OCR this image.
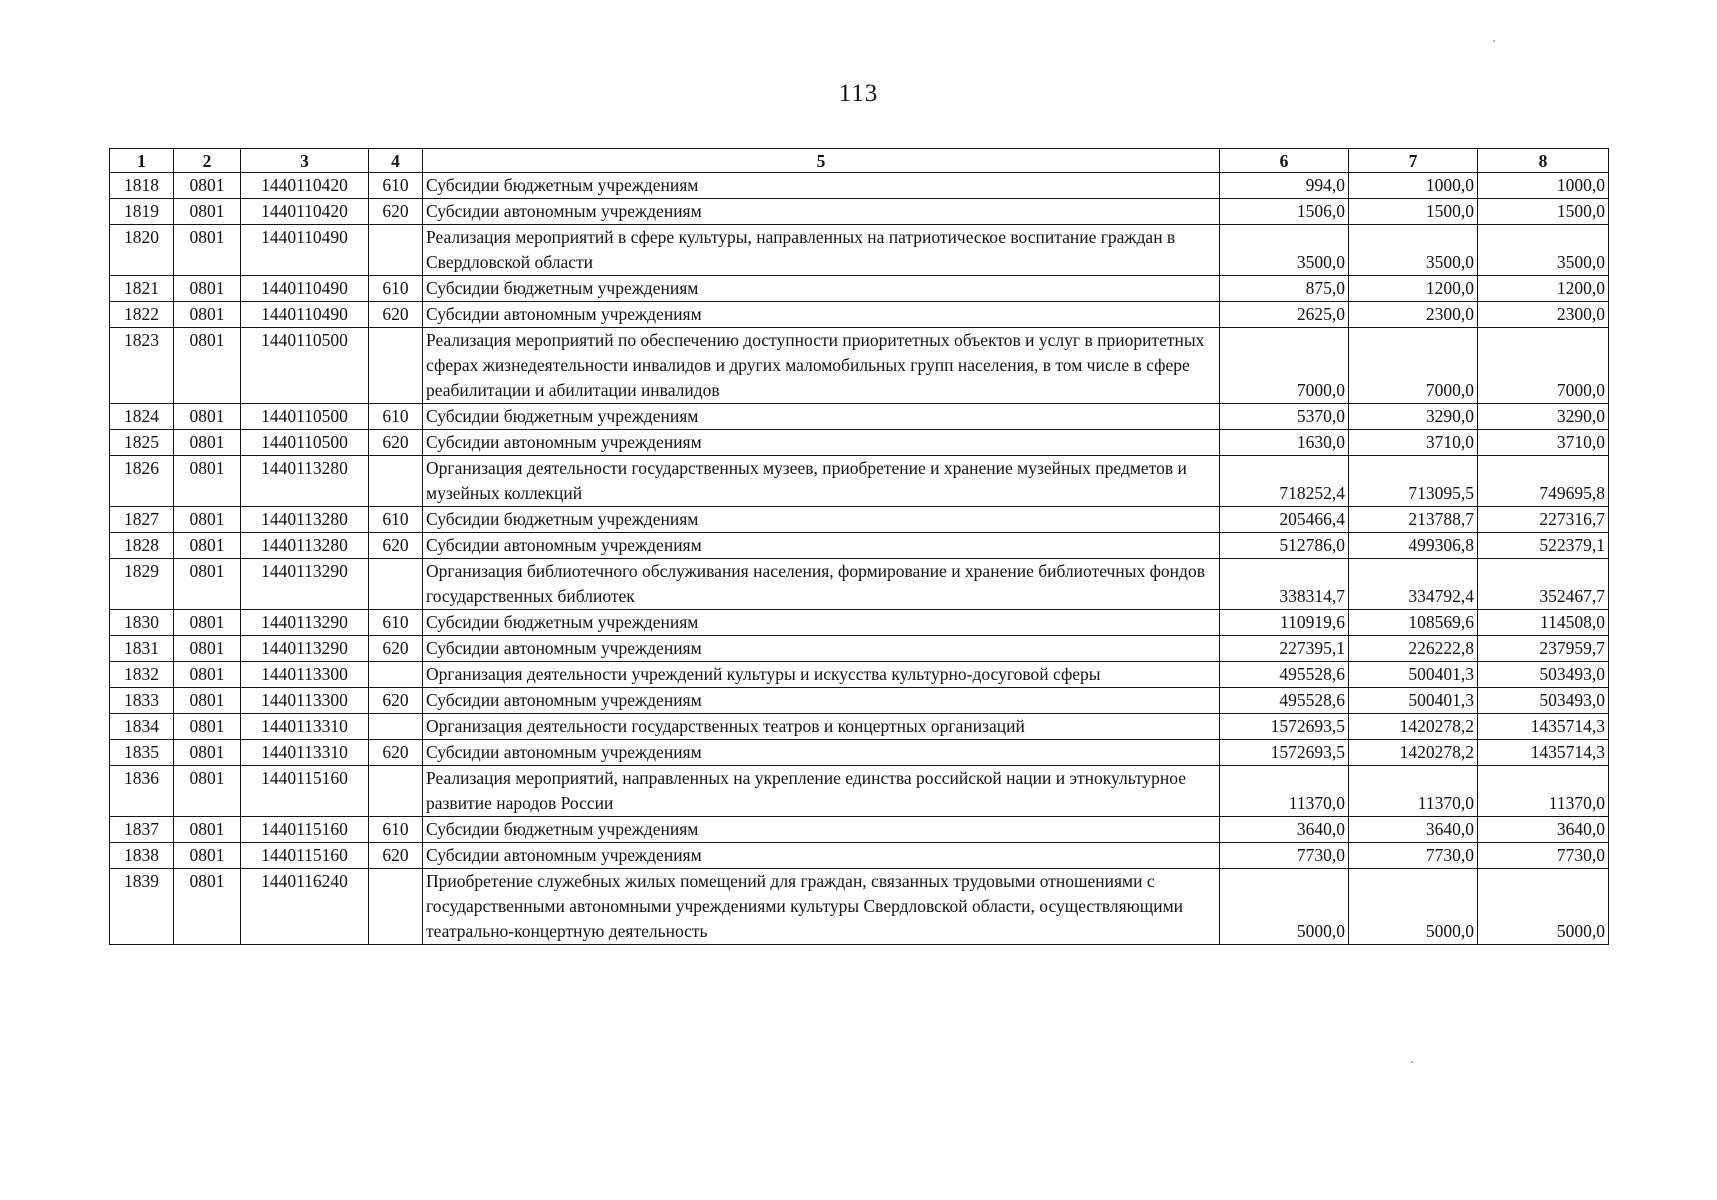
113
1	2	3	4	5	6	7	8
1818	0801	1440110420	610	Субсидии бюджетным учреждениям	994,0	1000,0	1000,0
1819	0801	1440110420	620	Субсидии автономным учреждениям	1506,0	1500,0	1500,0
1820	0801	1440110490		Реализация мероприятий в сфере культуры, направленных на патриотическое воспитание граждан в Свердловской области	3500,0	3500,0	3500,0
1821	0801	1440110490	610	Субсидии бюджетным учреждениям	875,0	1200,0	1200,0
1822	0801	1440110490	620	Субсидии автономным учреждениям	2625,0	2300,0	2300,0
1823	0801	1440110500		Реализация мероприятий по обеспечению доступности приоритетных объектов и услуг в приоритетных сферах жизнедеятельности инвалидов и других маломобильных групп населения, в том числе в сфере реабилитации и абилитации инвалидов	7000,0	7000,0	7000,0
1824	0801	1440110500	610	Субсидии бюджетным учреждениям	5370,0	3290,0	3290,0
1825	0801	1440110500	620	Субсидии автономным учреждениям	1630,0	3710,0	3710,0
1826	0801	1440113280		Организация деятельности государственных музеев, приобретение и хранение музейных предметов и музейных коллекций	718252,4	713095,5	749695,8
1827	0801	1440113280	610	Субсидии бюджетным учреждениям	205466,4	213788,7	227316,7
1828	0801	1440113280	620	Субсидии автономным учреждениям	512786,0	499306,8	522379,1
1829	0801	1440113290		Организация библиотечного обслуживания населения, формирование и хранение библиотечных фондов государственных библиотек	338314,7	334792,4	352467,7
1830	0801	1440113290	610	Субсидии бюджетным учреждениям	110919,6	108569,6	114508,0
1831	0801	1440113290	620	Субсидии автономным учреждениям	227395,1	226222,8	237959,7
1832	0801	1440113300		Организация деятельности учреждений культуры и искусства культурно-досуговой сферы	495528,6	500401,3	503493,0
1833	0801	1440113300	620	Субсидии автономным учреждениям	495528,6	500401,3	503493,0
1834	0801	1440113310		Организация деятельности государственных театров и концертных организаций	1572693,5	1420278,2	1435714,3
1835	0801	1440113310	620	Субсидии автономным учреждениям	1572693,5	1420278,2	1435714,3
1836	0801	1440115160		Реализация мероприятий, направленных на укрепление единства российской нации и этнокультурное развитие народов России	11370,0	11370,0	11370,0
1837	0801	1440115160	610	Субсидии бюджетным учреждениям	3640,0	3640,0	3640,0
1838	0801	1440115160	620	Субсидии автономным учреждениям	7730,0	7730,0	7730,0
1839	0801	1440116240		Приобретение служебных жилых помещений для граждан, связанных трудовыми отношениями с государственными автономными учреждениями культуры Свердловской области, осуществляющими театрально-концертную деятельность	5000,0	5000,0	5000,0
